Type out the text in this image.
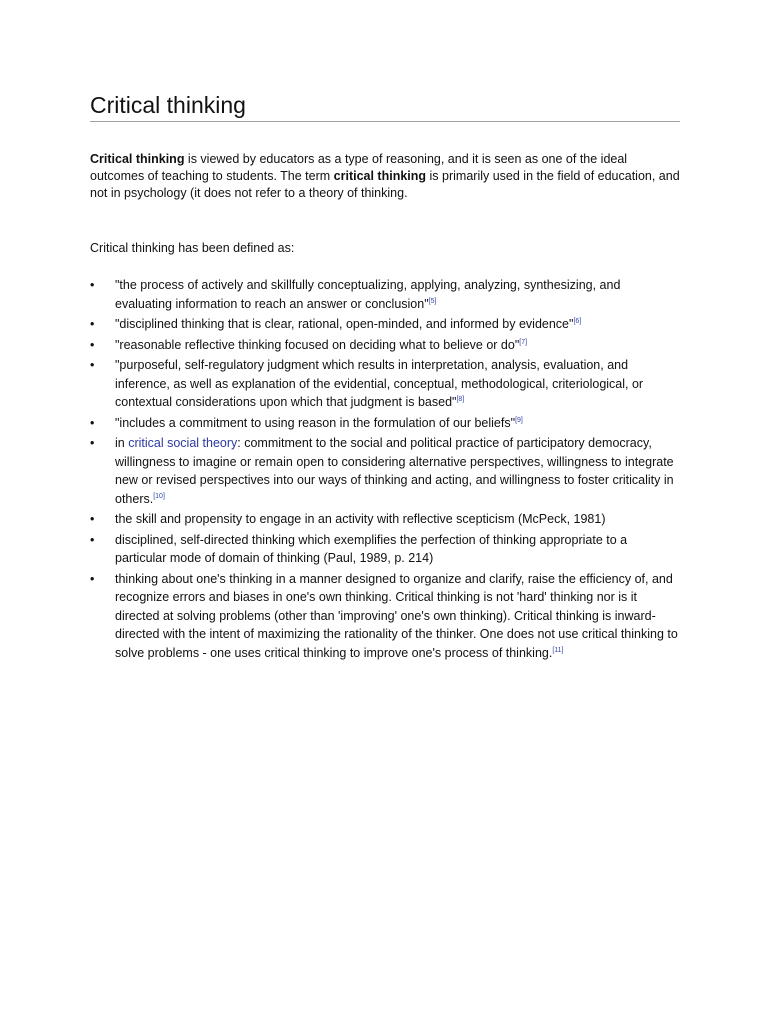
Critical thinking

Critical thinking is viewed by educators as a type of reasoning, and it is seen as one of the ideal outcomes of teaching to students. The term critical thinking is primarily used in the field of education, and not in psychology (it does not refer to a theory of thinking.

Critical thinking has been defined as:

•	"the process of actively and skillfully conceptualizing, applying, analyzing, synthesizing, and evaluating information to reach an answer or conclusion"[5]
•	"disciplined thinking that is clear, rational, open-minded, and informed by evidence"[6]
•	"reasonable reflective thinking focused on deciding what to believe or do"[7]
•	"purposeful, self-regulatory judgment which results in interpretation, analysis, evaluation, and inference, as well as explanation of the evidential, conceptual, methodological, criteriological, or contextual considerations upon which that judgment is based"[8]
•	"includes a commitment to using reason in the formulation of our beliefs"[9]
•	in critical social theory: commitment to the social and political practice of participatory democracy, willingness to imagine or remain open to considering alternative perspectives, willingness to integrate new or revised perspectives into our ways of thinking and acting, and willingness to foster criticality in others.[10]
•	the skill and propensity to engage in an activity with reflective scepticism (McPeck, 1981)
•	disciplined, self-directed thinking which exemplifies the perfection of thinking appropriate to a particular mode of domain of thinking (Paul, 1989, p. 214)
•	thinking about one's thinking in a manner designed to organize and clarify, raise the efficiency of, and recognize errors and biases in one's own thinking. Critical thinking is not 'hard' thinking nor is it directed at solving problems (other than 'improving' one's own thinking). Critical thinking is inward-directed with the intent of maximizing the rationality of the thinker. One does not use critical thinking to solve problems - one uses critical thinking to improve one's process of thinking.[11]
